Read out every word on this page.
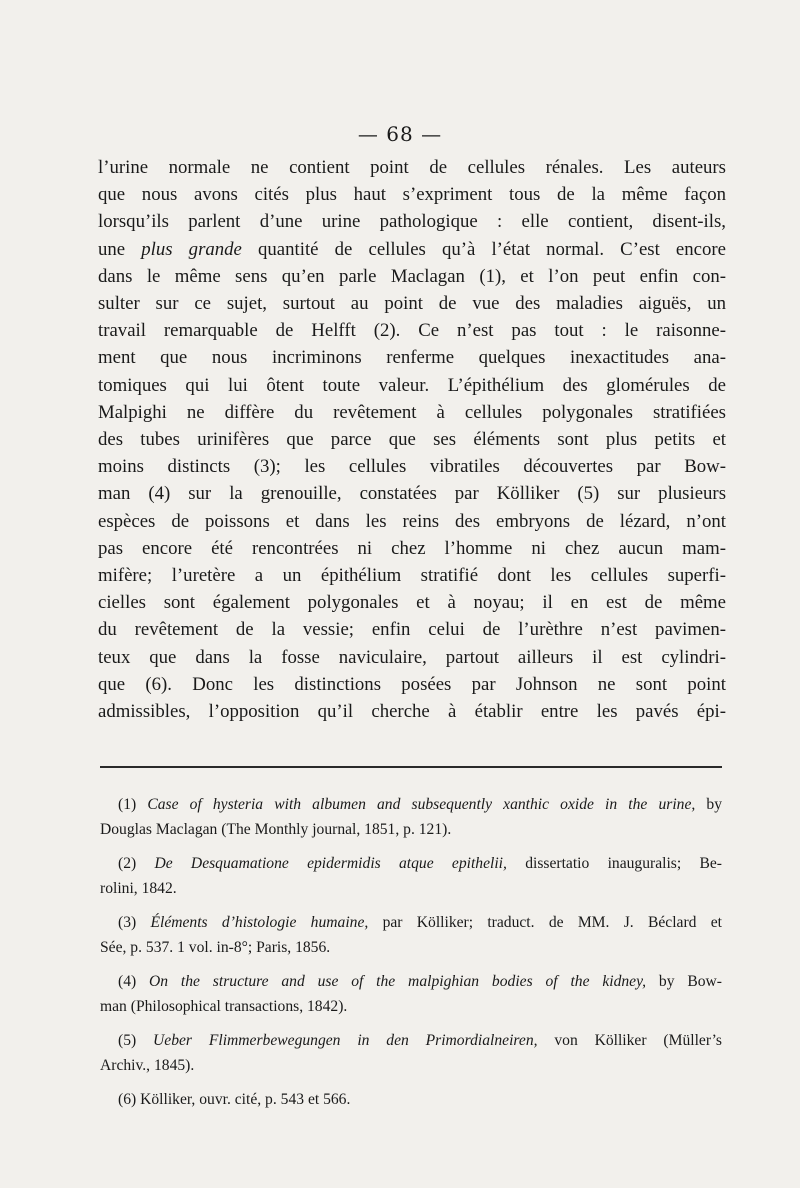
— 68 —
l’urine normale ne contient point de cellules rénales. Les auteurs
que nous avons cités plus haut s’expriment tous de la même façon
lorsqu’ils parlent d’une urine pathologique : elle contient, disent-ils,
une plus grande quantité de cellules qu’à l’état normal. C’est encore
dans le même sens qu’en parle Maclagan (1), et l’on peut enfin con-
sulter sur ce sujet, surtout au point de vue des maladies aiguës, un
travail remarquable de Helfft (2). Ce n’est pas tout : le raisonne-
ment que nous incriminons renferme quelques inexactitudes ana-
tomiques qui lui ôtent toute valeur. L’épithélium des glomérules de
Malpighi ne diffère du revêtement à cellules polygonales stratifiées
des tubes urinifères que parce que ses éléments sont plus petits et
moins distincts (3); les cellules vibratiles découvertes par Bow-
man (4) sur la grenouille, constatées par Kölliker (5) sur plusieurs
espèces de poissons et dans les reins des embryons de lézard, n’ont
pas encore été rencontrées ni chez l’homme ni chez aucun mam-
mifère; l’uretère a un épithélium stratifié dont les cellules superfi-
cielles sont également polygonales et à noyau; il en est de même
du revêtement de la vessie; enfin celui de l’urèthre n’est pavimen-
teux que dans la fosse naviculaire, partout ailleurs il est cylindri-
que (6). Donc les distinctions posées par Johnson ne sont point
admissibles, l’opposition qu’il cherche à établir entre les pavés épi-
(1) Case of hysteria with albumen and subsequently xanthic oxide in the urine, by
Douglas Maclagan (The Monthly journal, 1851, p. 121).
(2) De Desquamatione epidermidis atque epithelii, dissertatio inauguralis; Be-
rolini, 1842.
(3) Éléments d’histologie humaine, par Kölliker; traduct. de MM. J. Béclard et
Sée, p. 537. 1 vol. in-8°; Paris, 1856.
(4) On the structure and use of the malpighian bodies of the kidney, by Bow-
man (Philosophical transactions, 1842).
(5) Ueber Flimmerbewegungen in den Primordialneiren, von Kölliker (Müller’s
Archiv., 1845).
(6) Kölliker, ouvr. cité, p. 543 et 566.
